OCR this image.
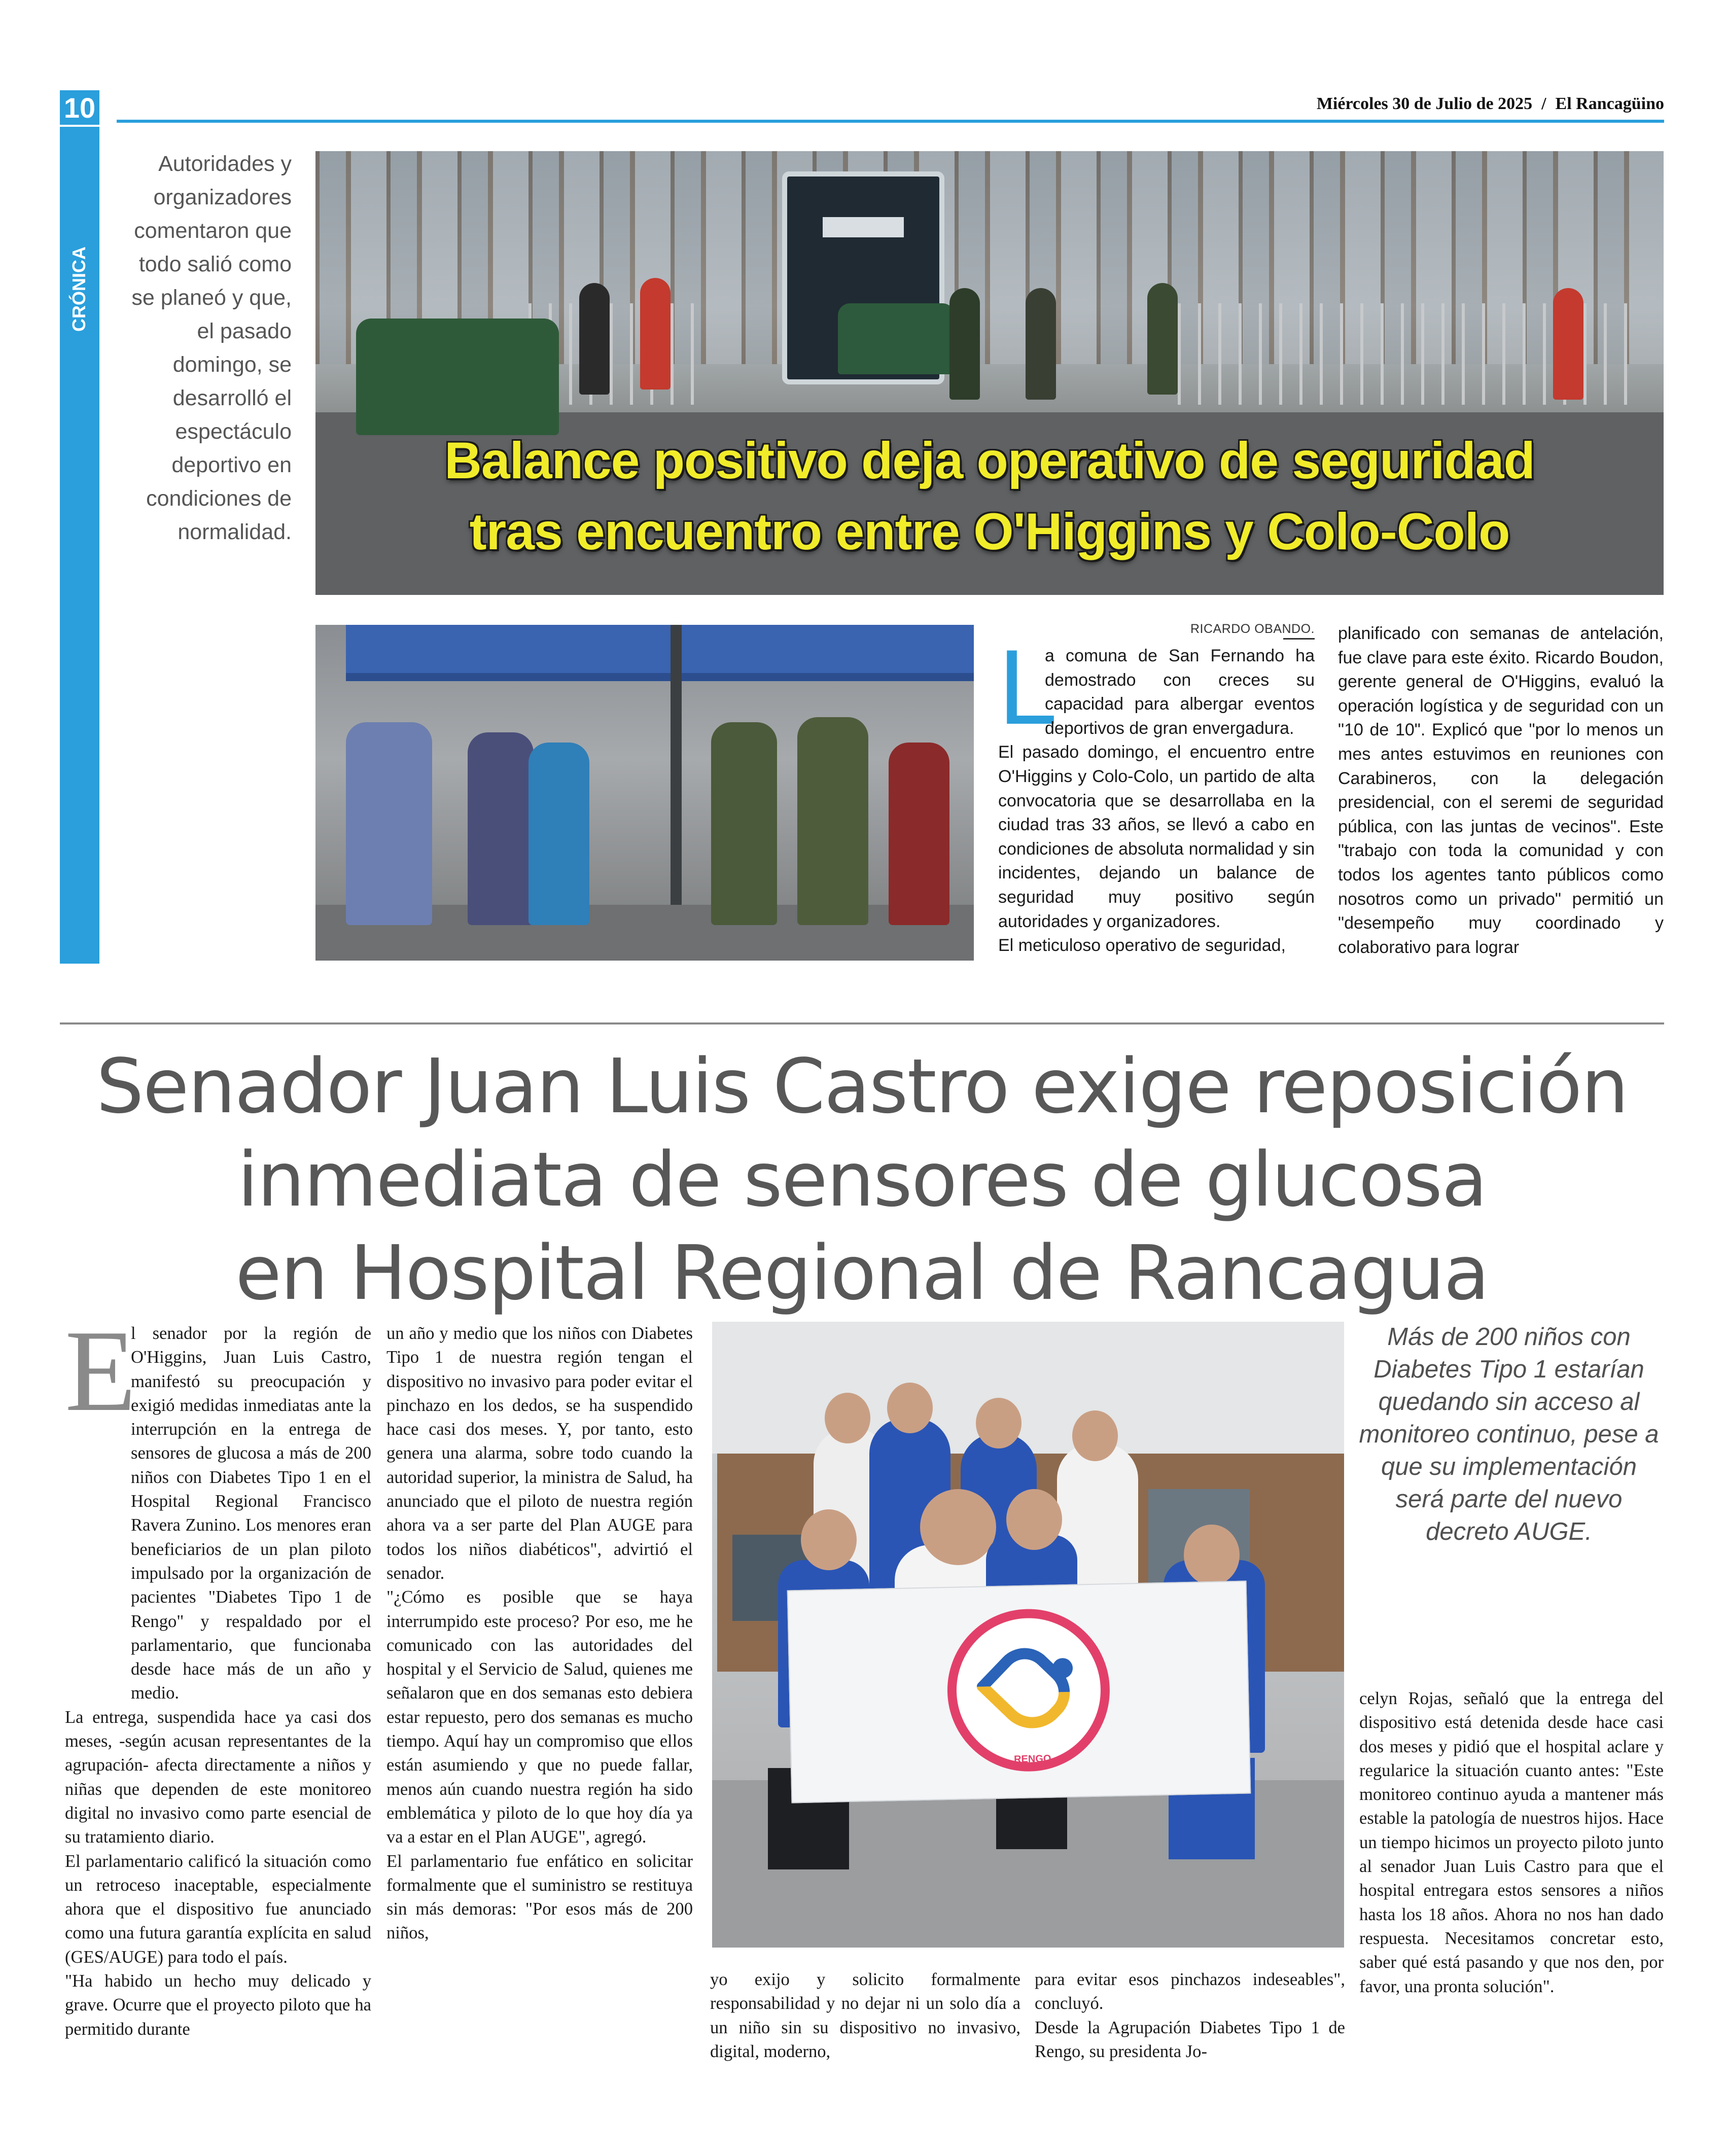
10
CRÓNICA
Miércoles 30 de Julio de 2025 / El Rancagüino
Autoridades y organizadores comentaron que todo salió como se planeó y que, el pasado domingo, se desarrolló el espectáculo deportivo en condiciones de normalidad.
Balance positivo deja operativo de seguridad
tras encuentro entre O'Higgins y Colo-Colo
RICARDO OBANDO.
L

a comuna de San Fernando ha demostrado con creces su capacidad para albergar eventos deportivos de gran envergadura.

El pasado domingo, el encuentro entre O'Higgins y Colo-Colo, un partido de alta convocatoria que se desarrollaba en la ciudad tras 33 años, se llevó a cabo en condiciones de absoluta normalidad y sin incidentes, dejando un balance de seguridad muy positivo según autoridades y organizadores.

El meticuloso operativo de seguridad,

planificado con semanas de antelación, fue clave para este éxito. Ricardo Boudon, gerente general de O'Higgins, evaluó la operación logística y de seguridad con un "10 de 10". Explicó que "por lo menos un mes antes estuvimos en reuniones con Carabineros, con la delegación presidencial, con el seremi de seguridad pública, con las juntas de vecinos". Este "trabajo con toda la comunidad y con todos los agentes tanto públicos como nosotros como un privado" permitió un "desempeño muy coordinado y colaborativo para lograr

Senador Juan Luis Castro exige reposición
inmediata de sensores de glucosa
en Hospital Regional de Rancagua
E

l senador por la región de O'Higgins, Juan Luis Castro, manifestó su preocupación y exigió medidas inmediatas ante la interrupción en la entrega de sensores de glucosa a más de 200 niños con Diabetes Tipo 1 en el Hospital Regional Francisco Ravera Zunino. Los menores eran beneficiarios de un plan piloto impulsado por la organización de pacientes "Diabetes Tipo 1 de Rengo" y respaldado por el parlamentario, que funcionaba desde hace más de un año y medio.

La entrega, suspendida hace ya casi dos meses, -según acusan representantes de la agrupación- afecta directamente a niños y niñas que dependen de este monitoreo digital no invasivo como parte esencial de su tratamiento diario.

El parlamentario calificó la situación como un retroceso inaceptable, especialmente ahora que el dispositivo fue anunciado como una futura garantía explícita en salud (GES/AUGE) para todo el país.

"Ha habido un hecho muy delicado y grave. Ocurre que el proyecto piloto que ha permitido durante

un año y medio que los niños con Diabetes Tipo 1 de nuestra región tengan el dispositivo no invasivo para poder evitar el pinchazo en los dedos, se ha suspendido hace casi dos meses. Y, por tanto, esto genera una alarma, sobre todo cuando la autoridad superior, la ministra de Salud, ha anunciado que el piloto de nuestra región ahora va a ser parte del Plan AUGE para todos los niños diabéticos", advirtió el senador.

"¿Cómo es posible que se haya interrumpido este proceso? Por eso, me he comunicado con las autoridades del hospital y el Servicio de Salud, quienes me señalaron que en dos semanas esto debiera estar repuesto, pero dos semanas es mucho tiempo. Aquí hay un compromiso que ellos están asumiendo y que no puede fallar, menos aún cuando nuestra región ha sido emblemática y piloto de lo que hoy día ya va a estar en el Plan AUGE", agregó.

El parlamentario fue enfático en solicitar formalmente que el suministro se restituya sin más demoras: "Por esos más de 200 niños,

RENGO

yo exijo y solicito formalmente responsabilidad y no dejar ni un solo día a un niño sin su dispositivo no invasivo, digital, moderno,

para evitar esos pinchazos indeseables", concluyó.

Desde la Agrupación Diabetes Tipo 1 de Rengo, su presidenta Jo-

Más de 200 niños con Diabetes Tipo 1 estarían quedando sin acceso al monitoreo continuo, pese a que su implementación será parte del nuevo decreto AUGE.

celyn Rojas, señaló que la entrega del dispositivo está detenida desde hace casi dos meses y pidió que el hospital aclare y regularice la situación cuanto antes: "Este monitoreo continuo ayuda a mantener más estable la patología de nuestros hijos. Hace un tiempo hicimos un proyecto piloto junto al senador Juan Luis Castro para que el hospital entregara estos sensores a niños hasta los 18 años. Ahora no nos han dado respuesta. Necesitamos concretar esto, saber qué está pasando y que nos den, por favor, una pronta solución".
